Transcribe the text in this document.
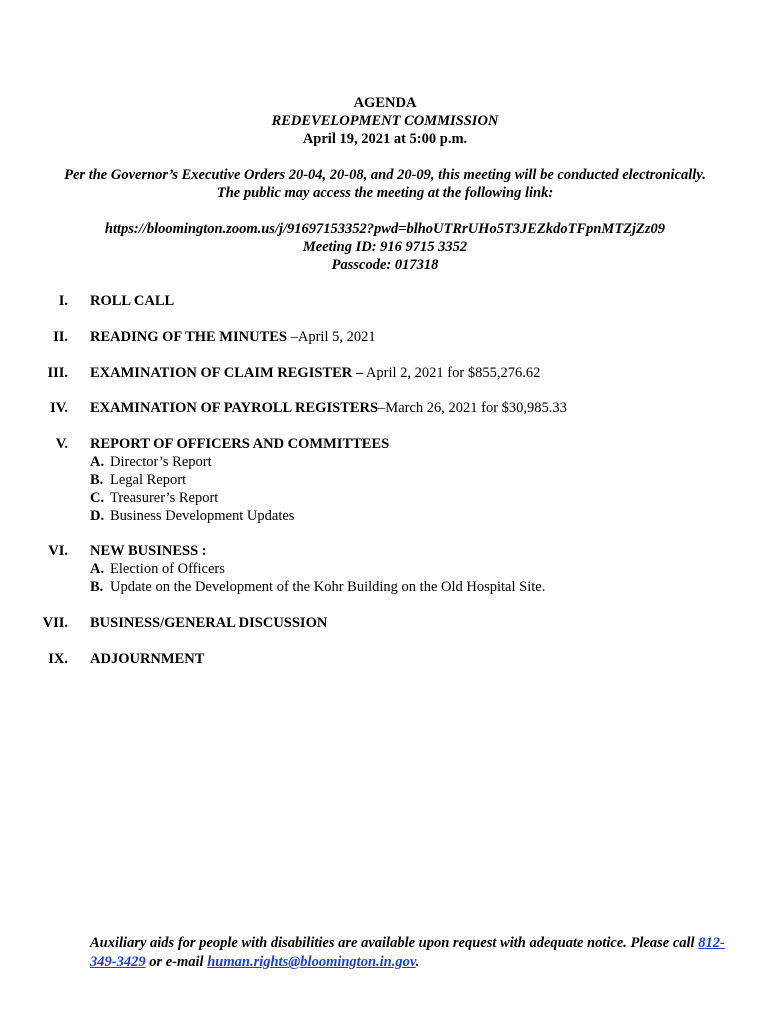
AGENDA
REDEVELOPMENT COMMISSION
April 19, 2021 at 5:00 p.m.
Per the Governor’s Executive Orders 20-04, 20-08, and 20-09, this meeting will be conducted electronically.
The public may access the meeting at the following link:
https://bloomington.zoom.us/j/91697153352?pwd=blhoUTRrUHo5T3JEZkdoTFpnMTZjZz09
Meeting ID: 916 9715 3352
Passcode: 017318
I. ROLL CALL
II. READING OF THE MINUTES –April 5, 2021
III. EXAMINATION OF CLAIM REGISTER – April 2, 2021 for $855,276.62
IV. EXAMINATION OF PAYROLL REGISTERS–March 26, 2021 for $30,985.33
V. REPORT OF OFFICERS AND COMMITTEES
A. Director’s Report
B. Legal Report
C. Treasurer’s Report
D. Business Development Updates
VI. NEW BUSINESS :
A. Election of Officers
B. Update on the Development of the Kohr Building on the Old Hospital Site.
VII. BUSINESS/GENERAL DISCUSSION
IX. ADJOURNMENT
Auxiliary aids for people with disabilities are available upon request with adequate notice. Please call 812-349-3429 or e-mail human.rights@bloomington.in.gov.
